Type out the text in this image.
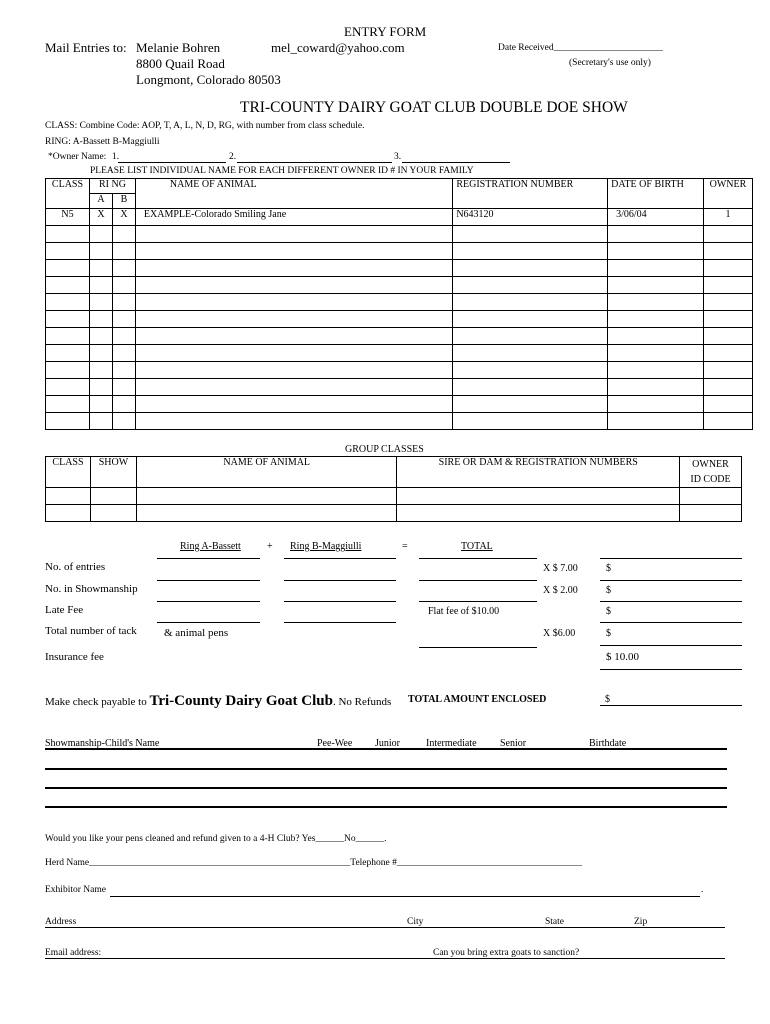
ENTRY FORM
Mail Entries to: Melanie Bohren	mel_coward@yahoo.com	Date Received_______________________
8800 Quail Road	(Secretary's use only)
Longmont, Colorado 80503
TRI-COUNTY DAIRY GOAT CLUB DOUBLE DOE SHOW
CLASS: Combine Code: AOP, T, A, L, N, D, RG, with number from class schedule.
RING: A-Bassett B-Maggiulli
*Owner Name: 1.	2.	3.
PLEASE LIST INDIVIDUAL NAME FOR EACH DIFFERENT OWNER ID # IN YOUR FAMILY
CLASS	RI NG		NAME OF ANIMAL	REGISTRATION NUMBER	DATE OF BIRTH	OWNER
	A	B				
N5	X	X	EXAMPLE-Colorado Smiling Jane	N643120	3/06/04	1

GROUP CLASSES
CLASS	SHOW	NAME OF ANIMAL	SIRE OR DAM & REGISTRATION NUMBERS	OWNER
ID CODE

Ring A-Bassett	+ Ring B-Maggiulli	=	TOTAL
No. of entries	X $ 7.00	$
No. in Showmanship	X $ 2.00	$
Late Fee	Flat fee of $10.00	$
Total number of tack & animal pens	X $6.00	$
Insurance fee	$ 10.00
Make check payable to Tri-County Dairy Goat Club. No Refunds TOTAL AMOUNT ENCLOSED	$
Showmanship-Child's Name	Pee-Wee Junior	Intermediate Senior	Birthdate
Would you like your pens cleaned and refund given to a 4-H Club? Yes______No______.
Herd Name_______________________________________________________Telephone #_______________________________________
Exhibitor Name	.
Address	City	State	Zip
Email address:	Can you bring extra goats to sanction?
